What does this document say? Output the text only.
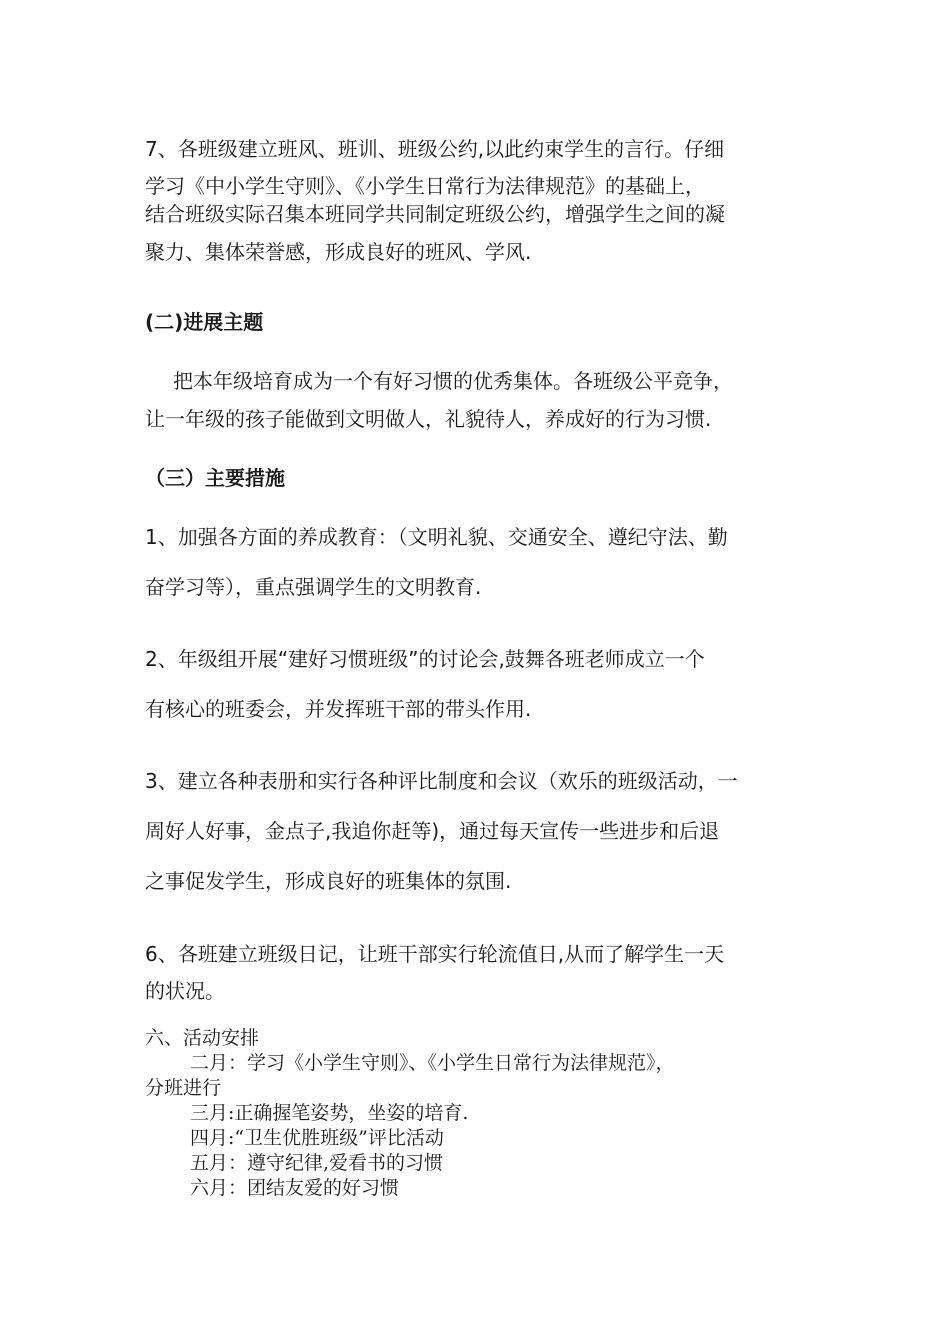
7、各班级建立班风、班训、班级公约,以此约束学生的言行。仔细
学习《中小学生守则》、《小学生日常行为法律规范》的基础上，
结合班级实际召集本班同学共同制定班级公约，增强学生之间的凝
聚力、集体荣誉感，形成良好的班风、学风.
(二)进展主题
把本年级培育成为一个有好习惯的优秀集体。各班级公平竞争，
让一年级的孩子能做到文明做人，礼貌待人，养成好的行为习惯.
（三）主要措施
1、加强各方面的养成教育：（文明礼貌、交通安全、遵纪守法、勤
奋学习等），重点强调学生的文明教育.
2、年级组开展“建好习惯班级”的讨论会,鼓舞各班老师成立一个
有核心的班委会，并发挥班干部的带头作用.
3、建立各种表册和实行各种评比制度和会议（欢乐的班级活动，一
周好人好事，金点子,我追你赶等)，通过每天宣传一些进步和后退
之事促发学生，形成良好的班集体的氛围.
6、各班建立班级日记，让班干部实行轮流值日,从而了解学生一天
的状况。
六、活动安排
二月：学习《小学生守则》、《小学生日常行为法律规范》，
分班进行
三月:正确握笔姿势，坐姿的培育.
四月:“卫生优胜班级”评比活动
五月：遵守纪律,爱看书的习惯
六月：团结友爱的好习惯
